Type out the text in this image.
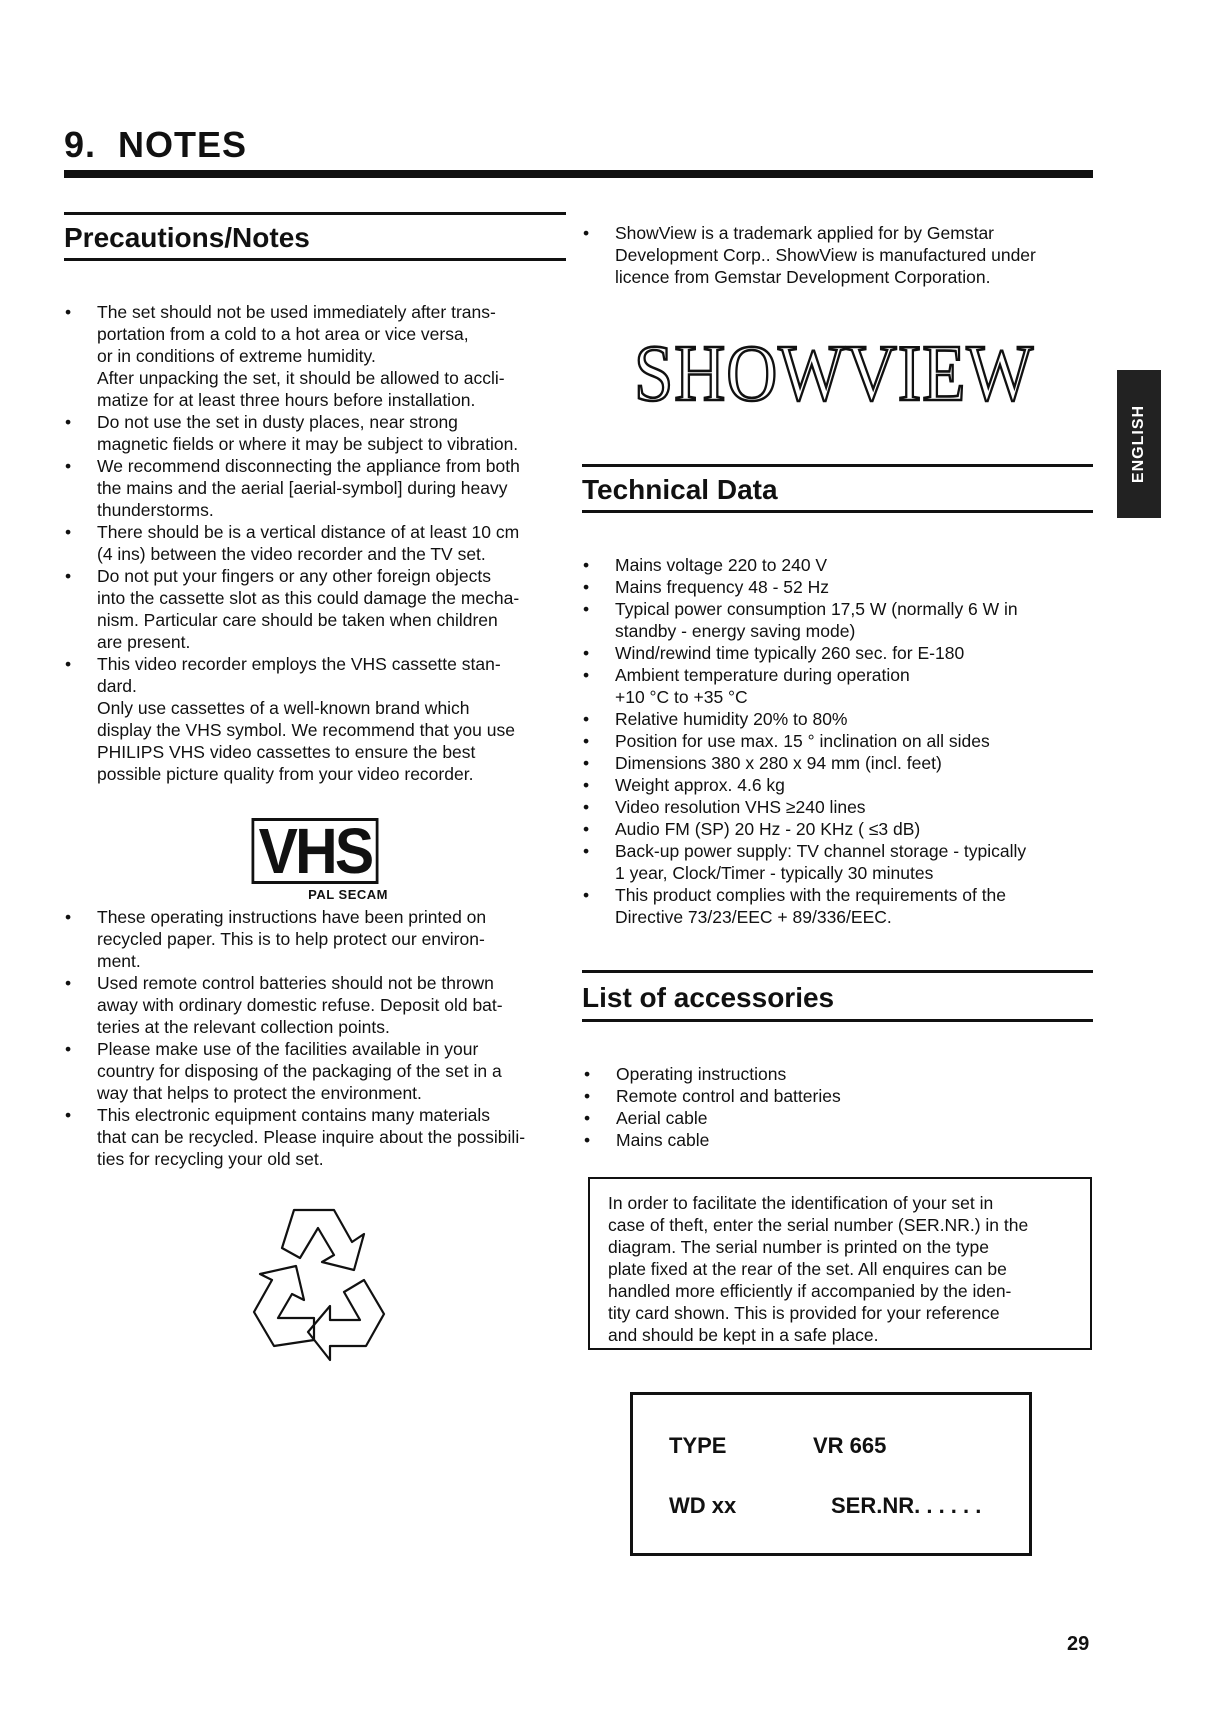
9. NOTES
Precautions/Notes
• The set should not be used immediately after trans-
portation from a cold to a hot area or vice versa,
or in conditions of extreme humidity.
After unpacking the set, it should be allowed to accli-
matize for at least three hours before installation.
• Do not use the set in dusty places, near strong
magnetic fields or where it may be subject to vibration.
• We recommend disconnecting the appliance from both
the mains and the aerial [aerial-symbol] during heavy
thunderstorms.
• There should be is a vertical distance of at least 10 cm
(4 ins) between the video recorder and the TV set.
• Do not put your fingers or any other foreign objects
into the cassette slot as this could damage the mecha-
nism. Particular care should be taken when children
are present.
• This video recorder employs the VHS cassette stan-
dard.
Only use cassettes of a well-known brand which
display the VHS symbol. We recommend that you use
PHILIPS VHS video cassettes to ensure the best
possible picture quality from your video recorder.
VHS
PAL SECAM
• These operating instructions have been printed on
recycled paper. This is to help protect our environ-
ment.
• Used remote control batteries should not be thrown
away with ordinary domestic refuse. Deposit old bat-
teries at the relevant collection points.
• Please make use of the facilities available in your
country for disposing of the packaging of the set in a
way that helps to protect the environment.
• This electronic equipment contains many materials
that can be recycled. Please inquire about the possibili-
ties for recycling your old set.
• ShowView is a trademark applied for by Gemstar
Development Corp.. ShowView is manufactured under
licence from Gemstar Development Corporation.
SHOWVIEW
Technical Data
• Mains voltage 220 to 240 V
• Mains frequency 48 - 52 Hz
• Typical power consumption 17,5 W (normally 6 W in
standby - energy saving mode)
• Wind/rewind time typically 260 sec. for E-180
• Ambient temperature during operation
+10 °C to +35 °C
• Relative humidity 20% to 80%
• Position for use max. 15 ° inclination on all sides
• Dimensions 380 x 280 x 94 mm (incl. feet)
• Weight approx. 4.6 kg
• Video resolution VHS ≥240 lines
• Audio FM (SP) 20 Hz - 20 KHz ( ≤3 dB)
• Back-up power supply: TV channel storage - typically
1 year, Clock/Timer - typically 30 minutes
• This product complies with the requirements of the
Directive 73/23/EEC + 89/336/EEC.
List of accessories
• Operating instructions
• Remote control and batteries
• Aerial cable
• Mains cable
In order to facilitate the identification of your set in
case of theft, enter the serial number (SER.NR.) in the
diagram. The serial number is printed on the type
plate fixed at the rear of the set. All enquires can be
handled more efficiently if accompanied by the iden-
tity card shown. This is provided for your reference
and should be kept in a safe place.
TYPE	VR 665
WD xx	SER.NR. . . . . .
ENGLISH
29
